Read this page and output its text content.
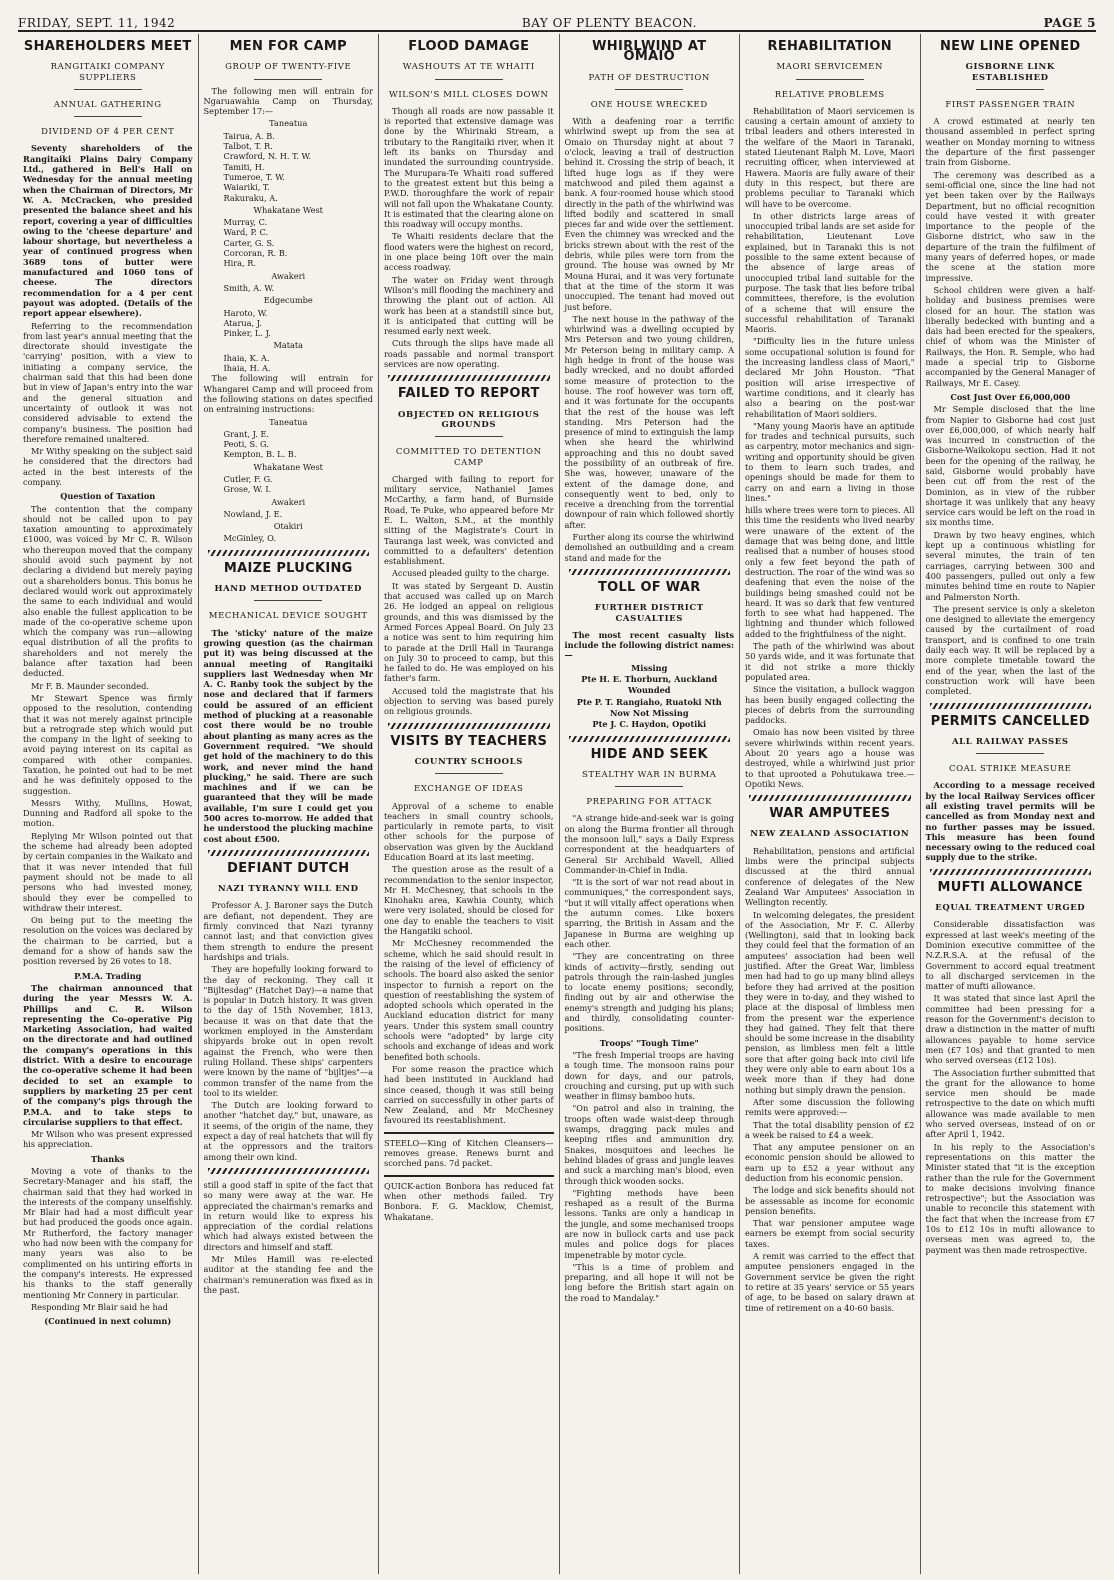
FRIDAY, SEPT. 11, 1942	BAY OF PLENTY BEACON.	PAGE 5
SHAREHOLDERS MEET
RANGITAIKI COMPANY SUPPLIERS
ANNUAL GATHERING
DIVIDEND OF 4 PER CENT

Seventy shareholders of the Rangitaiki Plains Dairy Company Ltd., gathered in Bell's Hall on Wednesday for the annual meeting when the Chairman of Directors, Mr W. A. McCracken, who presided presented the balance sheet and his report, covering a year of difficulties owing to the 'cheese departure' and labour shortage, but nevertheless a year of continued progress when 3689 tons of butter were manufactured and 1060 tons of cheese. The directors recommendation for a 4 per cent payout was adopted. (Details of the report appear elsewhere).

Referring to the recommendation from last year's annual meeting that the directorate should investigate the 'carrying' position, with a view to initiating a company service, the chairman said that this had been done but in view of Japan's entry into the war and the general situation and uncertainty of outlook it was not considered advisable to extend the company's business. The position had therefore remained unaltered.

Mr Withy speaking on the subject said he considered that the directors had acted in the best interests of the company.

Question of Taxation

The contention that the company should not be called upon to pay taxation amounting to approximately £1000, was voiced by Mr C. R. Wilson who thereupon moved that the company should avoid such payment by not declaring a dividend but merely paying out a shareholders bonus. This bonus he declared would work out approximately the same to each individual and would also enable the fullest application to be made of the co-operative scheme upon which the company was run—allowing equal distribution of all the profits to shareholders and not merely the balance after taxation had been deducted.

Mr F. B. Maunder seconded.

Mr Stewart Spence was firmly opposed to the resolution, contending that it was not merely against principle but a retrograde step which would put the company in the light of seeking to avoid paying interest on its capital as compared with other companies. Taxation, he pointed out had to be met and he was definitely opposed to the suggestion.

Messrs Withy, Mullins, Howat, Dunning and Radford all spoke to the motion.

Replying Mr Wilson pointed out that the scheme had already been adopted by certain companies in the Waikato and that it was never intended that full payment should not be made to all persons who had invested money, should they ever be compelled to withdraw their interest.

On being put to the meeting the resolution on the voices was declared by the chairman to be carried, but a demand for a show of hands saw the position reversed by 26 votes to 18.

P.M.A. Trading

The chairman announced that during the year Messrs W. A. Phillips and C. R. Wilson representing the Co-operative Pig Marketing Association, had waited on the directorate and had outlined the company's operations in this district. With a desire to encourage the co-operative scheme it had been decided to set an example to suppliers by marketing 25 per cent of the company's pigs through the P.M.A. and to take steps to circularise suppliers to that effect.

Mr Wilson who was present expressed his appreciation.

Thanks

Moving a vote of thanks to the Secretary-Manager and his staff, the chairman said that they had worked in the interests of the company unselfishly. Mr Blair had had a most difficult year but had produced the goods once again. Mr Rutherford, the factory manager who had now been with the company for many years was also to be complimented on his untiring efforts in the company's interests. He expressed his thanks to the staff generally mentioning Mr Connery in particular.

Responding Mr Blair said he had

(Continued in next column)
MEN FOR CAMP
GROUP OF TWENTY-FIVE

The following men will entrain for Ngaruawahia Camp on Thursday, September 17:—

Taneatua
Tairua, A. B.
Talbot, T. R.
Crawford, N. H. T. W.
Tamiti, H.
Tumeroe, T. W.
Waiariki, T.
Rakuraku, A.
Whakatane West
Murray, C.
Ward, P. C.
Carter, G. S.
Corcoran, R. B.
Hira, R.
Awakeri
Smith, A. W.
Edgecumbe
Haroto, W.
Atarua, J.
Pinker, L. J.
Matata
Ihaia, K. A.
Ihaia, H. A.

The following will entrain for Whangarei Camp and will proceed from the following stations on dates specified on entraining instructions:

Taneatua
Grant, J. E.
Peoti, S. G.
Kempton, B. L. B.
Whakatane West
Cutler, F. G.
Grose, W. I.
Awakeri
Nowland, J. E.
Otakiri
McGinley, O.
MAIZE PLUCKING
HAND METHOD OUTDATED
MECHANICAL DEVICE SOUGHT

The 'sticky' nature of the maize growing question (as the chairman put it) was being discussed at the annual meeting of Rangitaiki suppliers last Wednesday when Mr A. C. Ranby took the subject by the nose and declared that if farmers could be assured of an efficient method of plucking at a reasonable cost there would be no trouble about planting as many acres as the Government required. "We should get hold of the machinery to do this work, and never mind the hand plucking," he said. There are such machines and if we can be guaranteed that they will be made available, I'm sure I could get you 500 acres to-morrow. He added that he understood the plucking machine cost about £500.

DEFIANT DUTCH
NAZI TYRANNY WILL END

Professor A. J. Baroner says the Dutch are defiant, not dependent. They are firmly convinced that Nazi tyranny cannot last; and that conviction gives them strength to endure the present hardships and trials.

They are hopefully looking forward to the day of reckoning. They call it "Bijltesdag" (Hatchet Day)—a name that is popular in Dutch history. It was given to the day of 15th November, 1813, because it was on that date that the workmen employed in the Amsterdam shipyards broke out in open revolt against the French, who were then ruling Holland. These ships' carpenters were known by the name of "bijltjes"—a common transfer of the name from the tool to its wielder.

The Dutch are looking forward to another "hatchet day," but, unaware, as it seems, of the origin of the name, they expect a day of real hatchets that will fly at the oppressors and the traitors among their own kind.

still a good staff in spite of the fact that so many were away at the war. He appreciated the chairman's remarks and in return would like to express his appreciation of the cordial relations which had always existed between the directors and himself and staff.

Mr Miles Hamill was re-elected auditor at the standing fee and the chairman's remuneration was fixed as in the past.

FLOOD DAMAGE
WASHOUTS AT TE WHAITI
WILSON'S MILL CLOSES DOWN

Though all roads are now passable it is reported that extensive damage was done by the Whirinaki Stream, a tributary to the Rangitaiki river, when it left its banks on Thursday and inundated the surrounding countryside. The Murupara-Te Whaiti road suffered to the greatest extent but this being a P.W.D. thoroughfare the work of repair will not fall upon the Whakatane County. It is estimated that the clearing alone on this roadway will occupy months.

Te Whaiti residents declare that the flood waters were the highest on record, in one place being 10ft over the main access roadway.

The water on Friday went through Wilson's mill flooding the machinery and throwing the plant out of action. All work has been at a standstill since but, it is anticipated that cutting will be resumed early next week.

Cuts through the slips have made all roads passable and normal transport services are now operating.

FAILED TO REPORT
OBJECTED ON RELIGIOUS GROUNDS
COMMITTED TO DETENTION CAMP

Charged with failing to report for military service, Nathaniel James McCarthy, a farm hand, of Burnside Road, Te Puke, who appeared before Mr E. L. Walton, S.M., at the monthly sitting of the Magistrate's Court in Tauranga last week, was convicted and committed to a defaulters' detention establishment.

Accused pleaded guilty to the charge.

It was stated by Sergeant D. Austin that accused was called up on March 26. He lodged an appeal on religious grounds, and this was dismissed by the Armed Forces Appeal Board. On July 23 a notice was sent to him requiring him to parade at the Drill Hall in Tauranga on July 30 to proceed to camp, but this he failed to do. He was employed on his father's farm.

Accused told the magistrate that his objection to serving was based purely on religious grounds.

VISITS BY TEACHERS
COUNTRY SCHOOLS
EXCHANGE OF IDEAS

Approval of a scheme to enable teachers in small country schools, particularly in remote parts, to visit other schools for the purpose of observation was given by the Auckland Education Board at its last meeting.

The question arose as the result of a recommendation to the senior inspector, Mr H. McChesney, that schools in the Kinohaku area, Kawhia County, which were very isolated, should be closed for one day to enable the teachers to visit the Hangatiki school.

Mr McChesney recommended the scheme, which he said should result in the raising of the level of efficiency of schools. The board also asked the senior inspector to furnish a report on the question of reestablishing the system of adopted schools which operated in the Auckland education district for many years. Under this system small country schools were "adopted" by large city schools and exchange of ideas and work benefited both schools.

For some reason the practice which had been instituted in Auckland had since ceased, though it was still being carried on successfully in other parts of New Zealand, and Mr McChesney favoured its reestablishment.

STEELO—King of Kitchen Cleansers—removes grease. Renews burnt and scorched pans. 7d packet.

QUICK-action Bonbora has reduced fat when other methods failed. Try Bonbora. F. G. Macklow, Chemist, Whakatane.

WHIRLWIND AT OMAIO
PATH OF DESTRUCTION
ONE HOUSE WRECKED

With a deafening roar a terrific whirlwind swept up from the sea at Omaio on Thursday night at about 7 o'clock, leaving a trail of destruction behind it. Crossing the strip of beach, it lifted huge logs as if they were matchwood and piled them against a bank. A four-roomed house which stood directly in the path of the whirlwind was lifted bodily and scattered in small pieces far and wide over the settlement. Even the chimney was wrecked and the bricks strewn about with the rest of the debris, while piles were torn from the ground. The house was owned by Mr Mouna Hurai, and it was very fortunate that at the time of the storm it was unoccupied. The tenant had moved out just before.

The next house in the pathway of the whirlwind was a dwelling occupied by Mrs Peterson and two young children, Mr Peterson being in military camp. A high hedge in front of the house was badly wrecked, and no doubt afforded some measure of protection to the house. The roof however was torn off, and it was fortunate for the occupants that the rest of the house was left standing. Mrs Peterson had the presence of mind to extinguish the lamp when she heard the whirlwind approaching and this no doubt saved the possibility of an outbreak of fire. She was, however, unaware of the extent of the damage done, and consequently went to bed, only to receive a drenching from the torrential downpour of rain which followed shortly after.

Further along its course the whirlwind demolished an outbuilding and a cream stand and made for the

TOLL OF WAR
FURTHER DISTRICT CASUALTIES

The most recent casualty lists include the following district names:—

Missing
Pte H. E. Thorburn, Auckland
Wounded
Pte P. T. Rangiaho, Ruatoki Nth
Now Not Missing
Pte J. C. Haydon, Opotiki
HIDE AND SEEK
STEALTHY WAR IN BURMA
PREPARING FOR ATTACK

"A strange hide-and-seek war is going on along the Burma frontier all through the monsoon lull," says a Daily Express correspondent at the headquarters of General Sir Archibald Wavell, Allied Commander-in-Chief in India.

"It is the sort of war not read about in communiques," the correspondent says, "but it will vitally affect operations when the autumn comes. Like boxers sparring, the British in Assam and the Japanese in Burma are weighing up each other.

"They are concentrating on three kinds of activity—firstly, sending out patrols through the rain-lashed jungles to locate enemy positions; secondly, finding out by air and otherwise the enemy's strength and judging his plans; and thirdly, consolidating counter-positions.

Troops' "Tough Time"

"The fresh Imperial troops are having a tough time. The monsoon rains pour down for days, and our patrols, crouching and cursing, put up with such weather in flimsy bamboo huts.

"On patrol and also in training, the troops often wade waist-deep through swamps, dragging pack mules and keeping rifles and ammunition dry. Snakes, mosquitoes and leeches lie behind blades of grass and jungle leaves and suck a marching man's blood, even through thick wooden socks.

"Fighting methods have been reshaped as a result of the Burma lessons. Tanks are only a handicap in the jungle, and some mechanised troops are now in bullock carts and use pack mules and police dogs for places impenetrable by motor cycle.

"This is a time of problem and preparing, and all hope it will not be long before the British start again on the road to Mandalay."

REHABILITATION
MAORI SERVICEMEN
RELATIVE PROBLEMS

Rehabilitation of Maori servicemen is causing a certain amount of anxiety to tribal leaders and others interested in the welfare of the Maori in Taranaki, stated Lieutenant Ralph M. Love, Maori recruiting officer, when interviewed at Hawera. Maoris are fully aware of their duty in this respect, but there are problems peculiar to Taranaki which will have to be overcome.

In other districts large areas of unoccupied tribal lands are set aside for rehabilitation, Lieutenant Love explained, but in Taranaki this is not possible to the same extent because of the absence of large areas of unoccupied tribal land suitable for the purpose. The task that lies before tribal committees, therefore, is the evolution of a scheme that will ensure the successful rehabilitation of Taranaki Maoris.

"Difficulty lies in the future unless some occupational solution is found for the increasing landless class of Maori," declared Mr John Houston. "That position will arise irrespective of wartime conditions, and it clearly has also a bearing on the post-war rehabilitation of Maori soldiers.

"Many young Maoris have an aptitude for trades and technical pursuits, such as carpentry, motor mechanics and sign-writing and opportunity should be given to them to learn such trades, and openings should be made for them to carry on and earn a living in those lines."

hills where trees were torn to pieces. All this time the residents who lived nearby were unaware of the extent of the damage that was being done, and little realised that a number of houses stood only a few feet beyond the path of destruction. The roar of the wind was so deafening that even the noise of the buildings being smashed could not be heard. It was so dark that few ventured forth to see what had happened. The lightning and thunder which followed added to the frightfulness of the night.

The path of the whirlwind was about 50 yards wide, and it was fortunate that it did not strike a more thickly populated area.

Since the visitation, a bullock waggon has been busily engaged collecting the pieces of debris from the surrounding paddocks.

Omaio has now been visited by three severe whirlwinds within recent years. About 20 years ago a house was destroyed, while a whirlwind just prior to that uprooted a Pohutukawa tree.—Opotiki News.

WAR AMPUTEES
NEW ZEALAND ASSOCIATION

Rehabilitation, pensions and artificial limbs were the principal subjects discussed at the third annual conference of delegates of the New Zealand War Amputees' Association in Wellington recently.

In welcoming delegates, the president of the Association, Mr F. C. Allerby (Wellington), said that in looking back they could feel that the formation of an amputees' association had been well justified. After the Great War, limbless men had had to go up many blind alleys before they had arrived at the position they were in to-day, and they wished to place at the disposal of limbless men from the present war the experience they had gained. They felt that there should be some increase in the disability pension, as limbless men felt a little sore that after going back into civil life they were only able to earn about 10s a week more than if they had done nothing but simply drawn the pension.

After some discussion the following remits were approved:—

That the total disability pension of £2 a week be raised to £4 a week.

That any amputee pensioner on an economic pension should be allowed to earn up to £52 a year without any deduction from his economic pension.

The lodge and sick benefits should not be assessable as income for economic pension benefits.

That war pensioner amputee wage earners be exempt from social security taxes.

A remit was carried to the effect that amputee pensioners engaged in the Government service be given the right to retire at 35 years' service or 55 years of age, to be based on salary drawn at time of retirement on a 40-60 basis.

NEW LINE OPENED
GISBORNE LINK ESTABLISHED
FIRST PASSENGER TRAIN

A crowd estimated at nearly ten thousand assembled in perfect spring weather on Monday morning to witness the departure of the first passenger train from Gisborne.

The ceremony was described as a semi-official one, since the line had not yet been taken over by the Railways Department, but no official recognition could have vested it with greater importance to the people of the Gisborne district, who saw in the departure of the train the fulfilment of many years of deferred hopes, or made the scene at the station more impressive.

School children were given a half-holiday and business premises were closed for an hour. The station was liberally bedecked with bunting and a dais had been erected for the speakers, chief of whom was the Minister of Railways, the Hon. R. Semple, who had made a special trip to Gisborne accompanied by the General Manager of Railways, Mr E. Casey.

Cost Just Over £6,000,000

Mr Semple disclosed that the line from Napier to Gisborne had cost just over £6,000,000, of which nearly half was incurred in construction of the Gisborne-Waikokopu section. Had it not been for the opening of the railway, he said, Gisborne would probably have been cut off from the rest of the Dominion, as in view of the rubber shortage it was unlikely that any heavy service cars would be left on the road in six months time.

Drawn by two heavy engines, which kept up a continuous whistling for several minutes, the train of ten carriages, carrying between 300 and 400 passengers, pulled out only a few minutes behind time en route to Napier and Palmerston North.

The present service is only a skeleton one designed to alleviate the emergency caused by the curtailment of road transport, and is confined to one train daily each way. It will be replaced by a more complete timetable toward the end of the year, when the last of the construction work will have been completed.

PERMITS CANCELLED
ALL RAILWAY PASSES
COAL STRIKE MEASURE

According to a message received by the local Railway Services officer all existing travel permits will be cancelled as from Monday next and no further passes may be issued. This measure has been found necessary owing to the reduced coal supply due to the strike.

MUFTI ALLOWANCE
EQUAL TREATMENT URGED

Considerable dissatisfaction was expressed at last week's meeting of the Dominion executive committee of the N.Z.R.S.A. at the refusal of the Government to accord equal treatment to all discharged servicemen in the matter of mufti allowance.

It was stated that since last April the committee had been pressing for a reason for the Government's decision to draw a distinction in the matter of mufti allowances payable to home service men (£7 10s) and that granted to men who served overseas (£12 10s).

The Association further submitted that the grant for the allowance to home service men should be made retrospective to the date on which mufti allowance was made available to men who served overseas, instead of on or after April 1, 1942.

In his reply to the Association's representations on this matter the Minister stated that "it is the exception rather than the rule for the Government to make decisions involving finance retrospective"; but the Association was unable to reconcile this statement with the fact that when the increase from £7 10s to £12 10s in mufti allowance to overseas men was agreed to, the payment was then made retrospective.
